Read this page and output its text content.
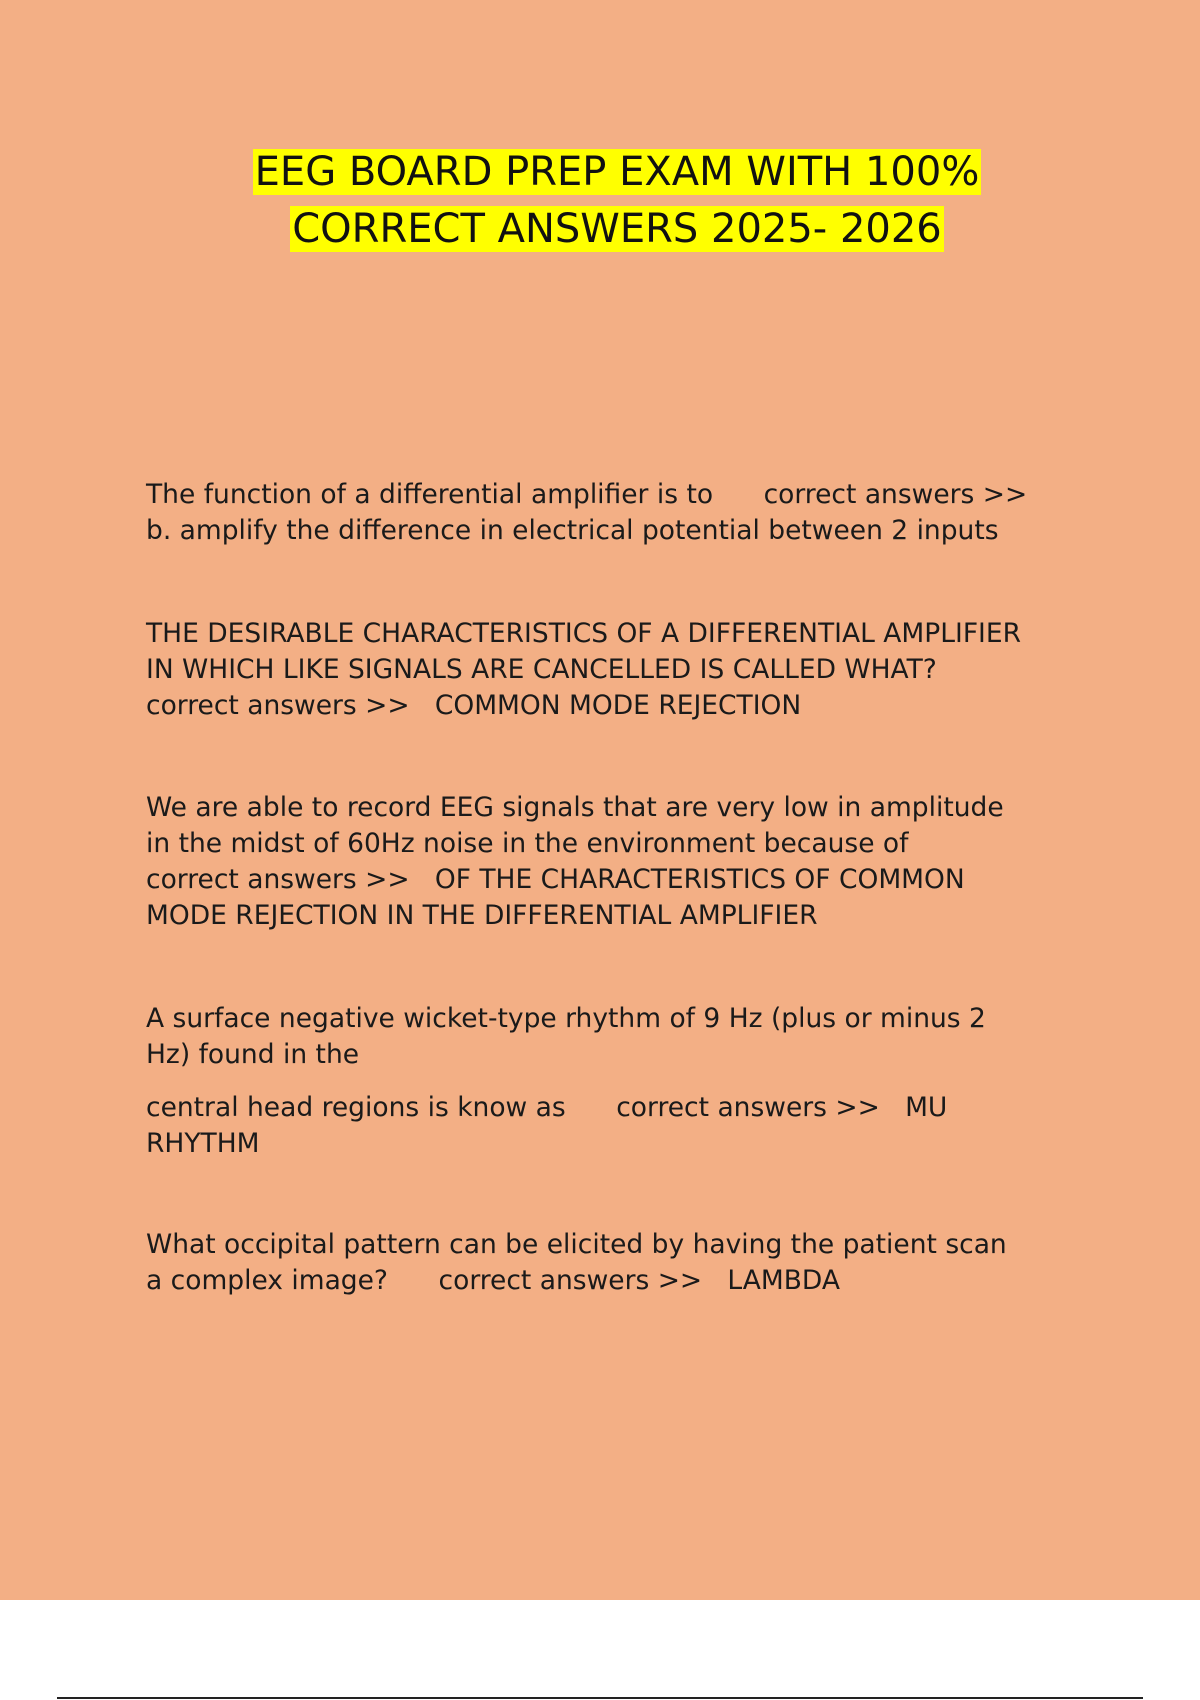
EEG BOARD PREP EXAM WITH 100%
CORRECT ANSWERS 2025- 2026

The function of a differential amplifier is to      correct answers >>

b. amplify the difference in electrical potential between 2 inputs

THE DESIRABLE CHARACTERISTICS OF A DIFFERENTIAL AMPLIFIER

IN WHICH LIKE SIGNALS ARE CANCELLED IS CALLED WHAT?

correct answers >>   COMMON MODE REJECTION

We are able to record EEG signals that are very low in amplitude

in the midst of 60Hz noise in the environment because of

correct answers >>   OF THE CHARACTERISTICS OF COMMON

MODE REJECTION IN THE DIFFERENTIAL AMPLIFIER

A surface negative wicket-type rhythm of 9 Hz (plus or minus 2

Hz) found in the

central head regions is know as      correct answers >>   MU

RHYTHM

What occipital pattern can be elicited by having the patient scan

a complex image?      correct answers >>   LAMBDA
